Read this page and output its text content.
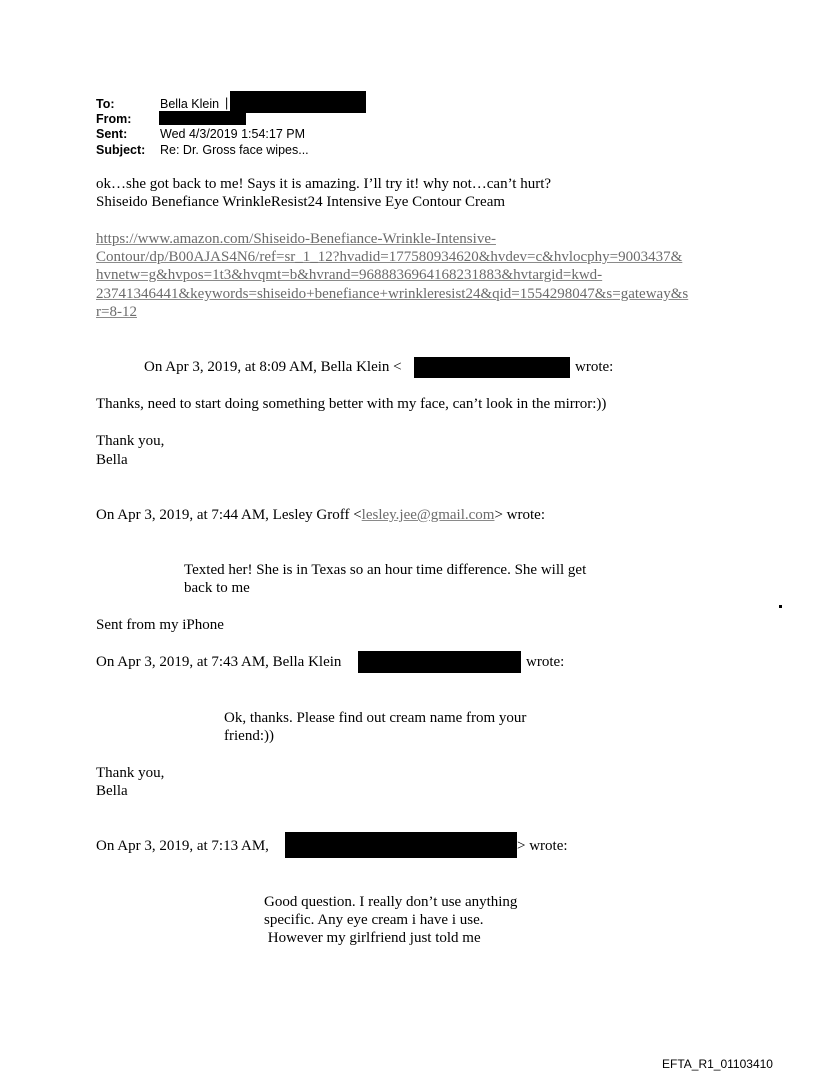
To:	Bella Klein |
From:
Sent:	Wed 4/3/2019 1:54:17 PM
Subject: Re: Dr. Gross face wipes...
ok…she got back to me! Says it is amazing. I’ll try it! why not…can’t hurt?
Shiseido Benefiance WrinkleResist24 Intensive Eye Contour Cream
https://www.amazon.com/Shiseido-Benefiance-Wrinkle-Intensive-
Contour/dp/B00AJAS4N6/ref=sr_1_12?hvadid=177580934620&hvdev=c&hvlocphy=9003437&
hvnetw=g&hvpos=1t3&hvqmt=b&hvrand=9688836964168231883&hvtargid=kwd-
23741346441&keywords=shiseido+benefiance+wrinkleresist24&qid=1554298047&s=gateway&s
r=8-12
On Apr 3, 2019, at 8:09 AM, Bella Klein <	wrote:
Thanks, need to start doing something better with my face, can’t look in the mirror:))
Thank you,
Bella
On Apr 3, 2019, at 7:44 AM, Lesley Groff <lesley.jee@gmail.com> wrote:
Texted her! She is in Texas so an hour time difference. She will get
back to me
Sent from my iPhone
On Apr 3, 2019, at 7:43 AM, Bella Klein	wrote:
Ok, thanks. Please find out cream name from your
friend:))
Thank you,
Bella
On Apr 3, 2019, at 7:13 AM,	> wrote:
Good question. I really don’t use anything
specific. Any eye cream i have i use.
However my girlfriend just told me
EFTA_R1_01103410
